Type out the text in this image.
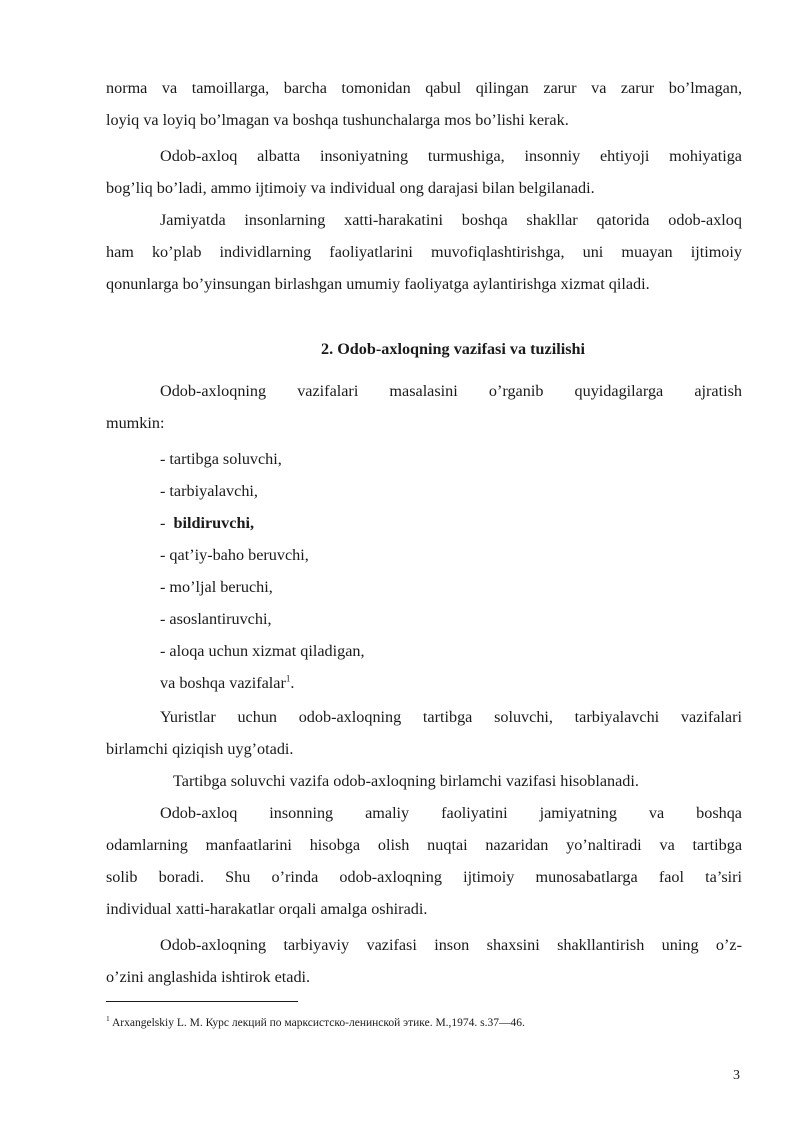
norma va tamoillarga, barcha tomonidan qabul qilingan zarur va zarur bo’lmagan,
loyiq va loyiq bo’lmagan va boshqa tushunchalarga mos bo’lishi kerak.
Odob-axloq albatta insoniyatning turmushiga, insonniy ehtiyoji mohiyatiga
bog’liq bo’ladi, ammo ijtimoiy va individual ong darajasi bilan belgilanadi.
Jamiyatda insonlarning xatti-harakatini boshqa shakllar qatorida odob-axloq
ham ko’plab individlarning faoliyatlarini muvofiqlashtirishga, uni muayan ijtimoiy
qonunlarga bo’yinsungan birlashgan umumiy faoliyatga aylantirishga xizmat qiladi.
2. Odob-axloqning vazifasi va tuzilishi
Odob-axloqning vazifalari masalasini o’rganib quyidagilarga ajratish
mumkin:
- tartibga soluvchi,
- tarbiyalavchi,
-  bildiruvchi,
- qat’iy-baho beruvchi,
- mo’ljal beruchi,
- asoslantiruvchi,
- aloqa uchun xizmat qiladigan,
va boshqa vazifalar$^1$.
Yuristlar uchun odob-axloqning tartibga soluvchi, tarbiyalavchi vazifalari
birlamchi qiziqish uyg’otadi.
Tartibga soluvchi vazifa odob-axloqning birlamchi vazifasi hisoblanadi.
Odob-axloq insonning amaliy faoliyatini jamiyatning va boshqa
odamlarning manfaatlarini hisobga olish nuqtai nazaridan yo’naltiradi va tartibga
solib boradi. Shu o’rinda odob-axloqning ijtimoiy munosabatlarga faol ta’siri
individual xatti-harakatlar orqali amalga oshiradi.
Odob-axloqning tarbiyaviy vazifasi inson shaxsini shakllantirish uning o’z-
o’zini anglashida ishtirok etadi.
$^1$ Arxangelskiy L. M. Курс лекций по марксистско-ленинской этике. М.,1974. s.37—46.
3
